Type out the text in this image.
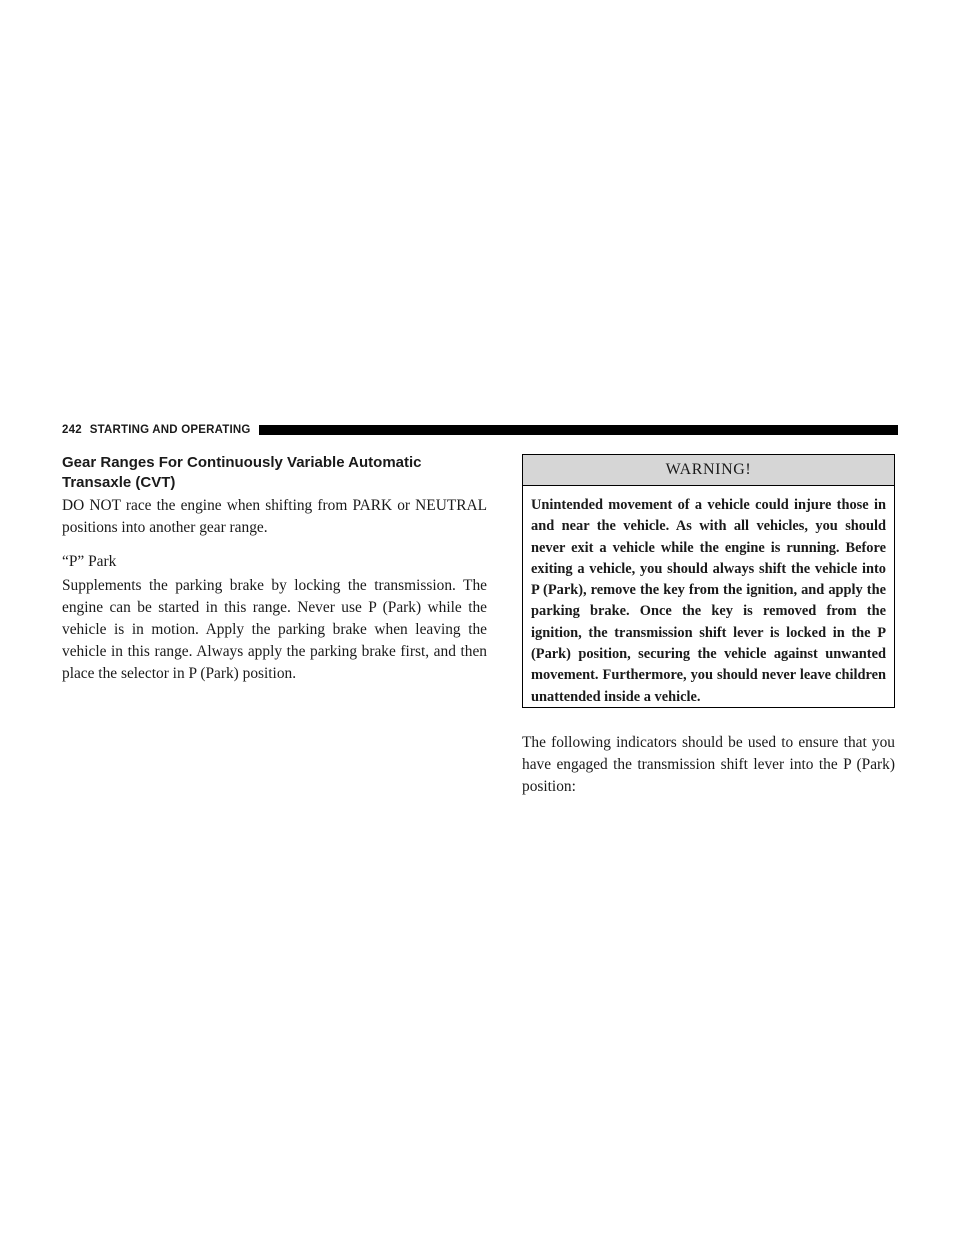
242 STARTING AND OPERATING
Gear Ranges For Continuously Variable Automatic Transaxle (CVT)

DO NOT race the engine when shifting from PARK or NEUTRAL positions into another gear range.

“P” Park

Supplements the parking brake by locking the transmission. The engine can be started in this range. Never use P (Park) while the vehicle is in motion. Apply the parking brake when leaving the vehicle in this range. Always apply the parking brake first, and then place the selector in P (Park) position.

WARNING!

Unintended movement of a vehicle could injure those in and near the vehicle. As with all vehicles, you should never exit a vehicle while the engine is running. Before exiting a vehicle, you should always shift the vehicle into P (Park), remove the key from the ignition, and apply the parking brake. Once the key is removed from the ignition, the transmission shift lever is locked in the P (Park) position, securing the vehicle against unwanted movement. Furthermore, you should never leave children unattended inside a vehicle.

The following indicators should be used to ensure that you have engaged the transmission shift lever into the P (Park) position:
